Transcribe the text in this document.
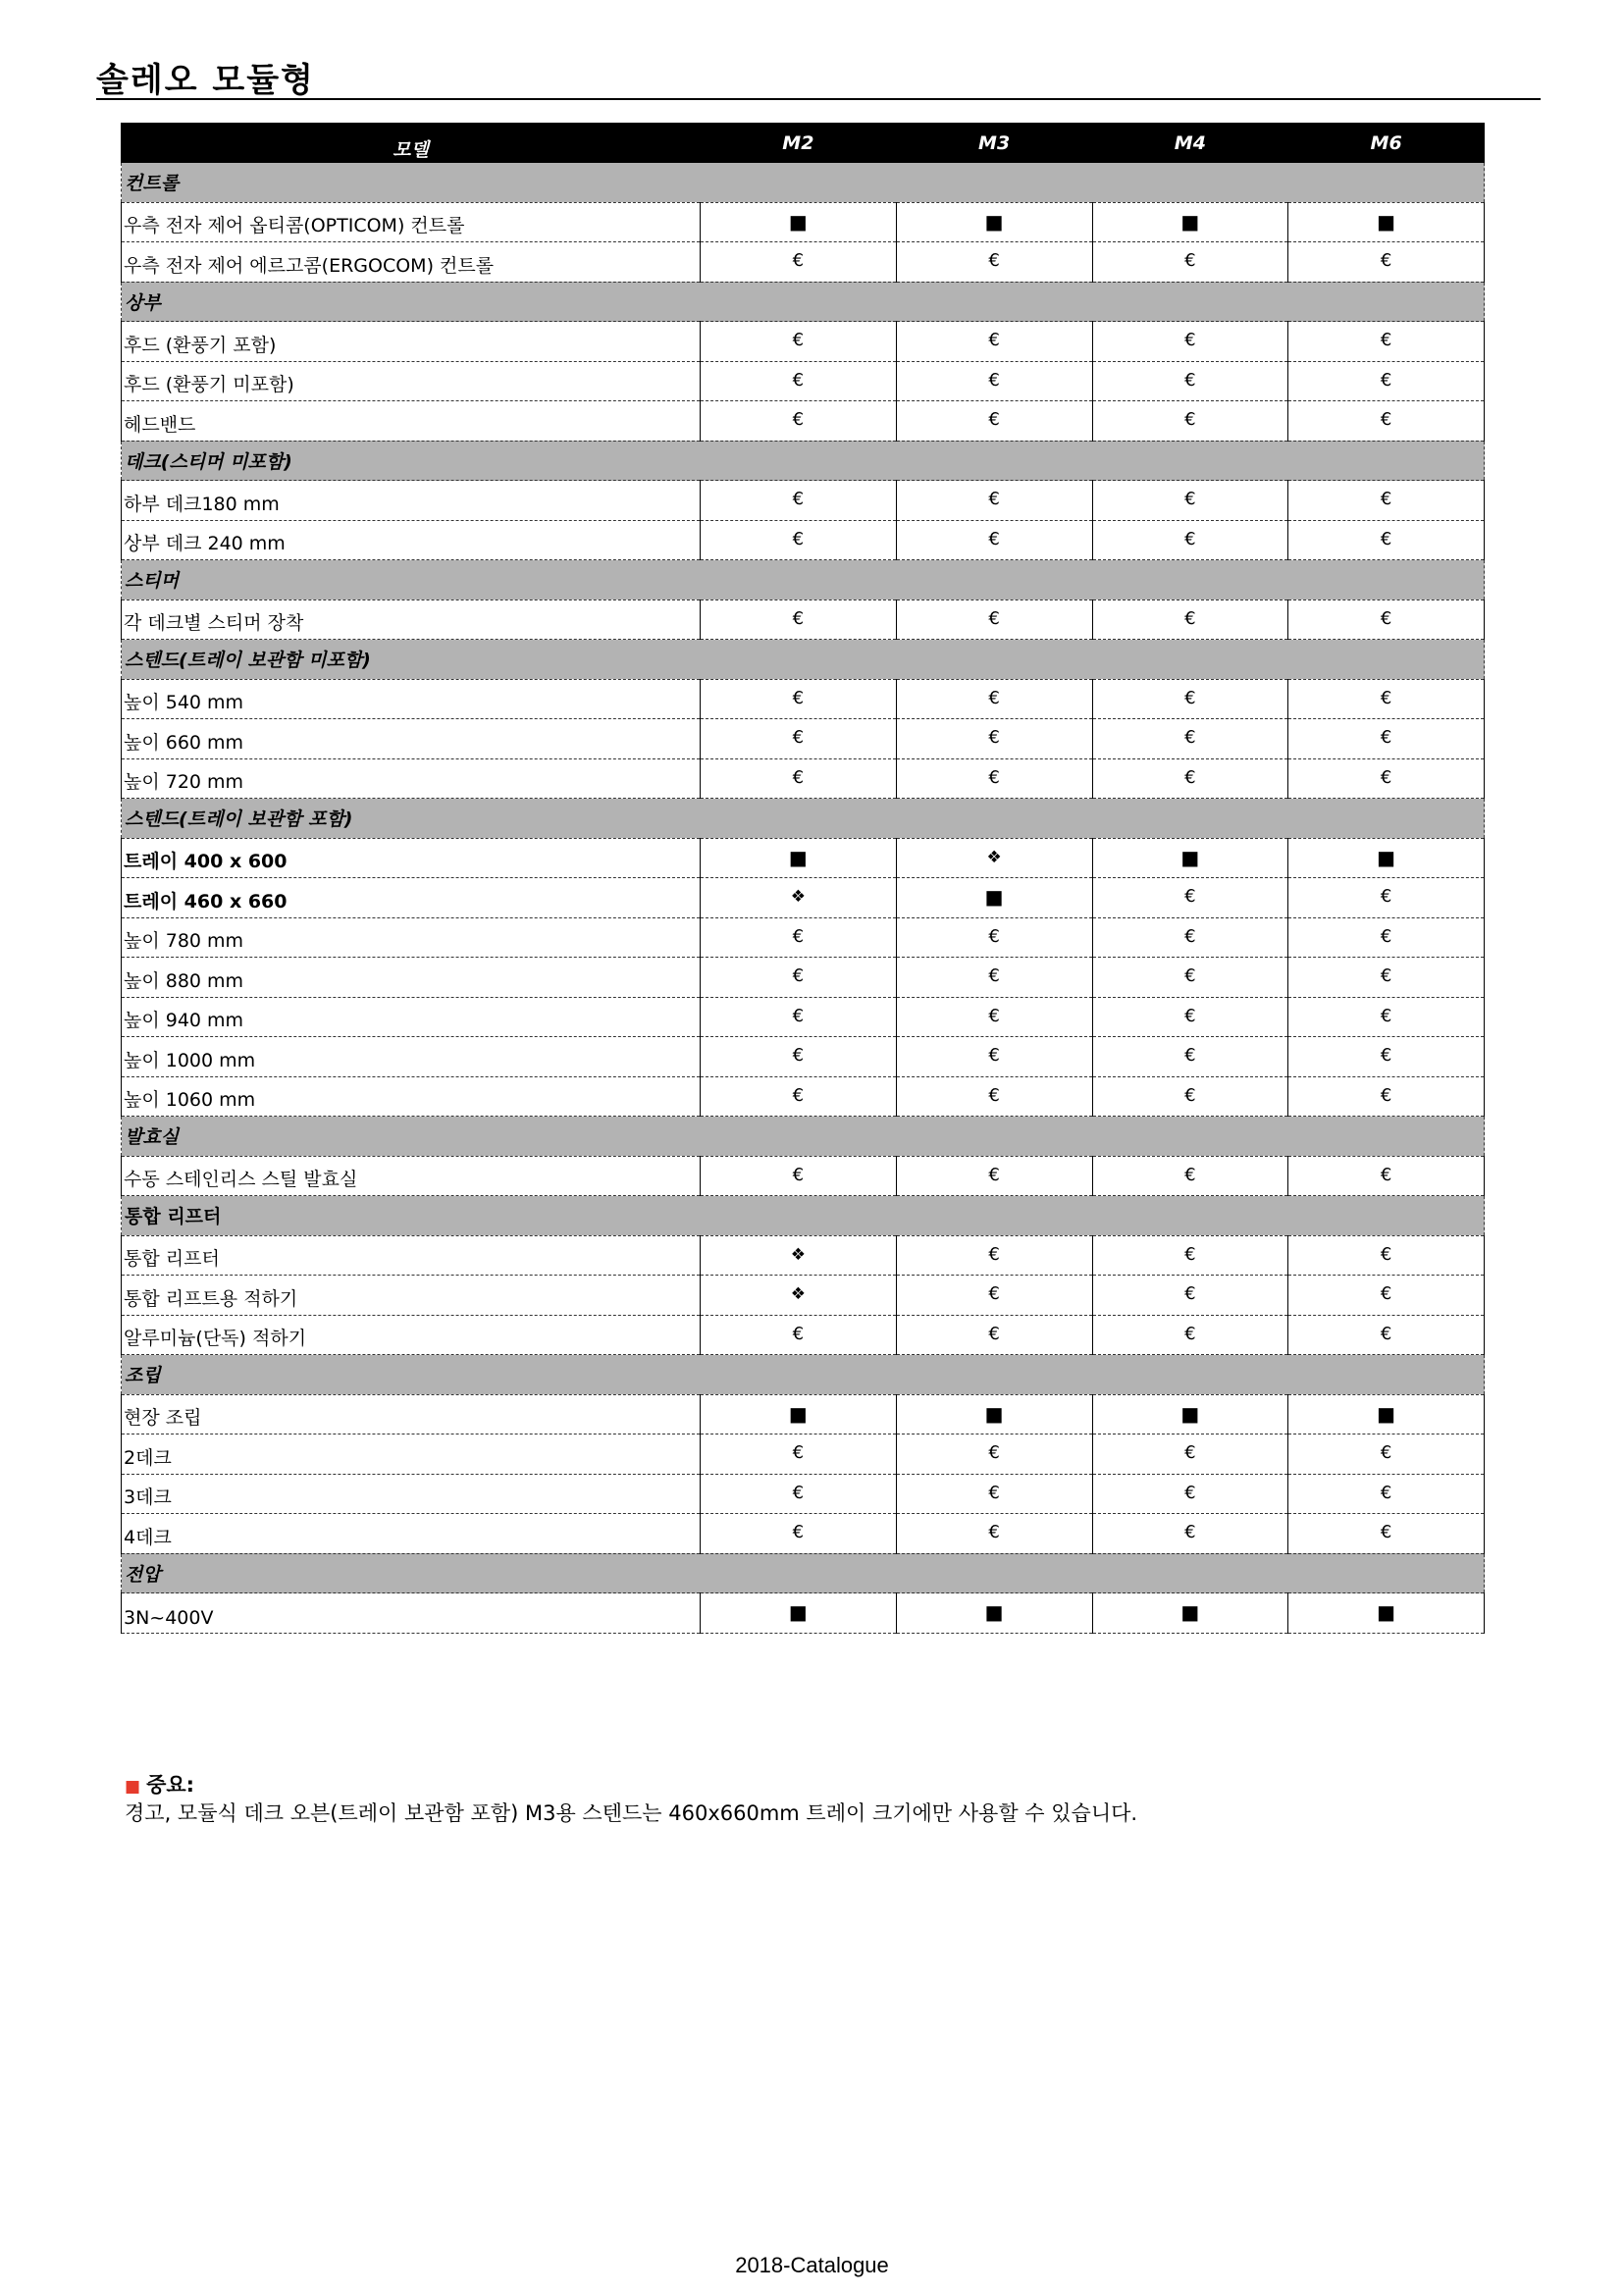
솔레오 모듈형
모델	M2	M3	M4	M6
컨트롤				
우측 전자 제어 옵티콤(OPTICOM) 컨트롤	■	■	■	■
우측 전자 제어 에르고콤(ERGOCOM) 컨트롤	€	€	€	€
상부				
후드 (환풍기 포함)	€	€	€	€
후드 (환풍기 미포함)	€	€	€	€
헤드밴드	€	€	€	€
데크(스티머 미포함)				
하부 데크180 mm	€	€	€	€
상부 데크 240 mm	€	€	€	€
스티머				
각 데크별 스티머 장착	€	€	€	€
스텐드(트레이 보관함 미포함)				
높이 540 mm	€	€	€	€
높이 660 mm	€	€	€	€
높이 720 mm	€	€	€	€
스텐드(트레이 보관함 포함)				
트레이 400 x 600	■	❖	■	■
트레이 460 x 660	❖	■	€	€
높이 780 mm	€	€	€	€
높이 880 mm	€	€	€	€
높이 940 mm	€	€	€	€
높이 1000 mm	€	€	€	€
높이 1060 mm	€	€	€	€
발효실				
수동 스테인리스 스틸 발효실	€	€	€	€
통합 리프터				
통합 리프터	❖	€	€	€
통합 리프트용 적하기	❖	€	€	€
알루미늄(단독) 적하기	€	€	€	€
조립				
현장 조립	■	■	■	■
2데크	€	€	€	€
3데크	€	€	€	€
4데크	€	€	€	€
전압				
3N~400V	■	■	■	■
■ 중요:
경고, 모듈식 데크 오븐(트레이 보관함 포함) M3용 스텐드는 460x660mm 트레이 크기에만 사용할 수 있습니다.
2018-Catalogue
